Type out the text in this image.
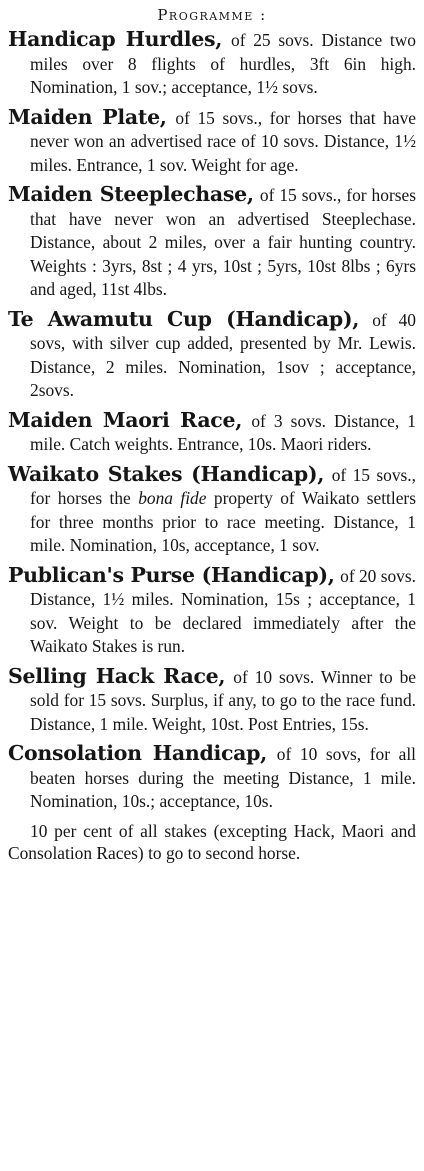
Programme :

Handicap Hurdles, of 25 sovs. Distance two miles over 8 flights of hurdles, 3ft 6in high. Nomination, 1 sov.; acceptance, 1½ sovs.

Maiden Plate, of 15 sovs., for horses that have never won an advertised race of 10 sovs. Distance, 1½ miles. Entrance, 1 sov. Weight for age.

Maiden Steeplechase, of 15 sovs., for horses that have never won an advertised Steeplechase. Distance, about 2 miles, over a fair hunting country. Weights : 3yrs, 8st ; 4 yrs, 10st ; 5yrs, 10st 8lbs ; 6yrs and aged, 11st 4lbs.

Te Awamutu Cup (Handicap), of 40 sovs, with silver cup added, presented by Mr. Lewis. Distance, 2 miles. Nomination, 1sov ; acceptance, 2sovs.

Maiden Maori Race, of 3 sovs. Distance, 1 mile. Catch weights. Entrance, 10s. Maori riders.

Waikato Stakes (Handicap), of 15 sovs., for horses the bona fide property of Waikato settlers for three months prior to race meeting. Distance, 1 mile. Nomination, 10s, acceptance, 1 sov.

Publican's Purse (Handicap), of 20 sovs. Distance, 1½ miles. Nomination, 15s ; acceptance, 1 sov. Weight to be declared immediately after the Waikato Stakes is run.

Selling Hack Race, of 10 sovs. Winner to be sold for 15 sovs. Surplus, if any, to go to the race fund. Distance, 1 mile. Weight, 10st. Post Entries, 15s.

Consolation Handicap, of 10 sovs, for all beaten horses during the meeting Distance, 1 mile. Nomination, 10s.; acceptance, 10s.

10 per cent of all stakes (excepting Hack, Maori and Consolation Races) to go to second horse.
